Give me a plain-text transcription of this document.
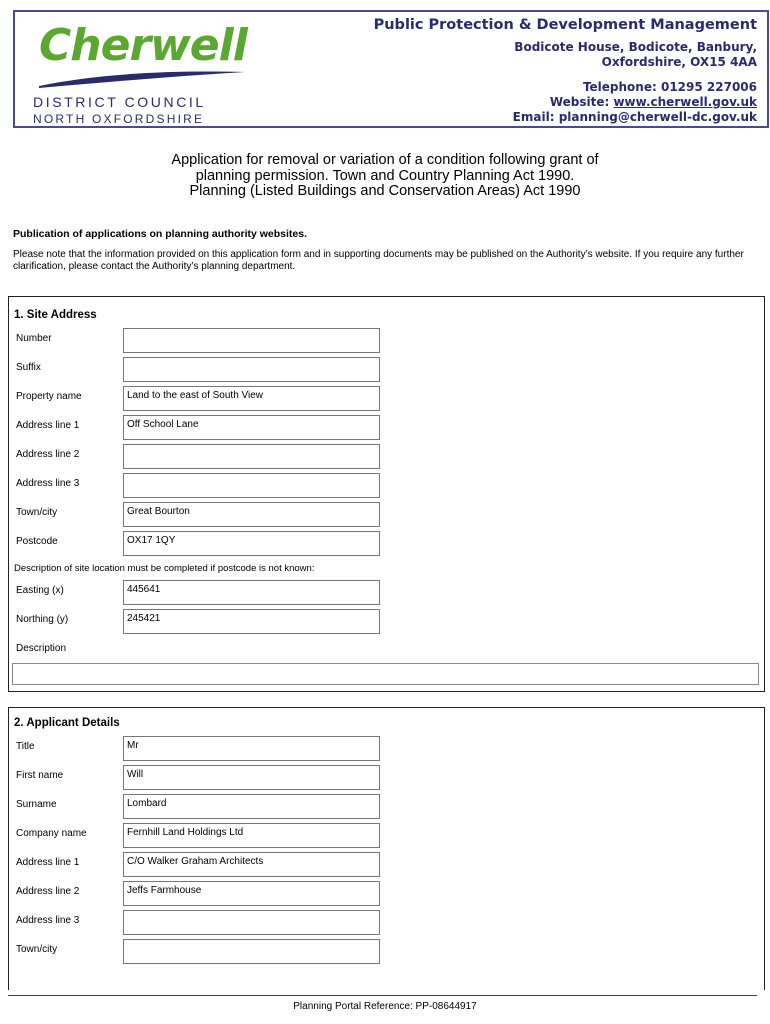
Cherwell
DISTRICT COUNCIL
NORTH OXFORDSHIRE
Public Protection & Development Management
Bodicote House, Bodicote, Banbury,
Oxfordshire, OX15 4AA
Telephone: 01295 227006
Website: www.cherwell.gov.uk
Email: planning@cherwell-dc.gov.uk
Application for removal or variation of a condition following grant of
planning permission. Town and Country Planning Act 1990.
Planning (Listed Buildings and Conservation Areas) Act 1990
Publication of applications on planning authority websites.
Please note that the information provided on this application form and in supporting documents may be published on the Authority’s website. If you require any further clarification, please contact the Authority’s planning department.
1. Site Address
Number
Suffix
Property name	Land to the east of South View
Address line 1	Off School Lane
Address line 2
Address line 3
Town/city	Great Bourton
Postcode	OX17 1QY
Description of site location must be completed if postcode is not known:
Easting (x)	445641
Northing (y)	245421
Description
2. Applicant Details
Title	Mr
First name	Will
Surname	Lombard
Company name	Fernhill Land Holdings Ltd
Address line 1	C/O Walker Graham Architects
Address line 2	Jeffs Farmhouse
Address line 3
Town/city
Planning Portal Reference: PP-08644917
